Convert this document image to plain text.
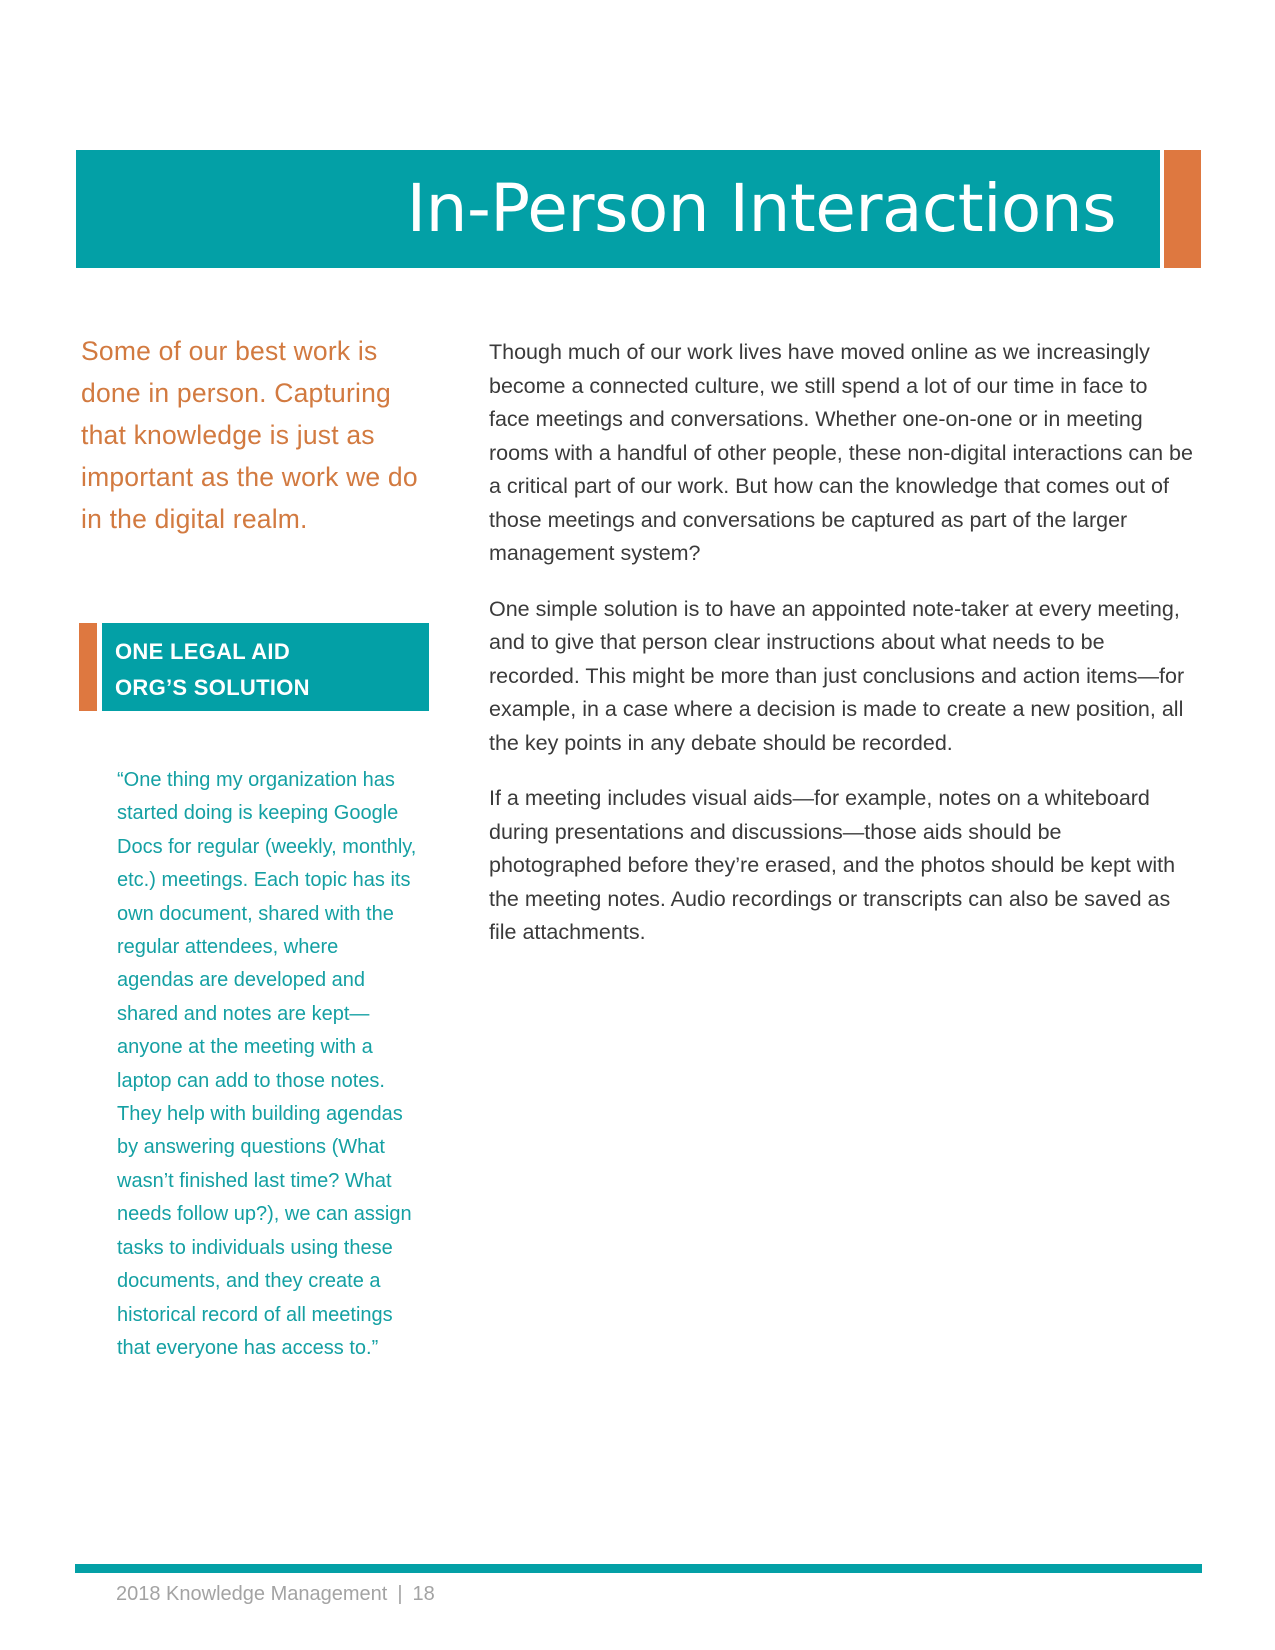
In-Person Interactions

Some of our best work is done in person. Capturing that knowledge is just as important as the work we do in the digital realm.

ONE LEGAL AID
ORG’S SOLUTION

“One thing my organization has started doing is keeping Google Docs for regular (weekly, monthly, etc.) meetings. Each topic has its own document, shared with the regular attendees, where agendas are developed and shared and notes are kept—anyone at the meeting with a laptop can add to those notes. They help with building agendas by answering questions (What wasn’t finished last time? What needs follow up?), we can assign tasks to individuals using these documents, and they create a historical record of all meetings that everyone has access to.”

Though much of our work lives have moved online as we increasingly become a connected culture, we still spend a lot of our time in face to face meetings and conversations. Whether one-on-one or in meeting rooms with a handful of other people, these non-digital interactions can be a critical part of our work. But how can the knowledge that comes out of those meetings and conversations be captured as part of the larger management system?

One simple solution is to have an appointed note-taker at every meeting, and to give that person clear instructions about what needs to be recorded. This might be more than just conclusions and action items—for example, in a case where a decision is made to create a new position, all the key points in any debate should be recorded.

If a meeting includes visual aids—for example, notes on a whiteboard during presentations and discussions—those aids should be photographed before they’re erased, and the photos should be kept with the meeting notes. Audio recordings or transcripts can also be saved as file attachments.

2018 Knowledge Management | 18
